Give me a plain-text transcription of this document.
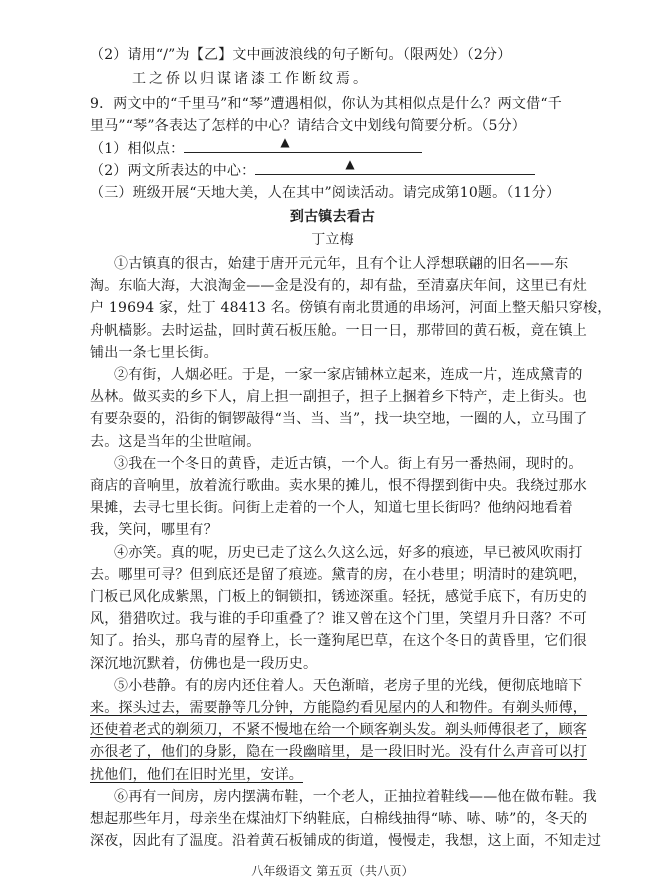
（2）请用“/”为【乙】文中画波浪线的句子断句。（限两处）（2分）
工之侨以归谋诸漆工作断纹焉。
9．两文中的“千里马”和“琴”遭遇相似，你认为其相似点是什么？两文借“千
里马”“琴”各表达了怎样的中心？请结合文中划线句简要分析。（5分）
（1）相似点：	▲
（2）两文所表达的中心：	▲
（三）班级开展“天地大美，人在其中”阅读活动。请完成第10题。（11分）
到古镇去看古
丁立梅
①古镇真的很古，始建于唐开元元年，且有个让人浮想联翩的旧名——东
淘。东临大海，大浪淘金——金是没有的，却有盐，至清嘉庆年间，这里已有灶
户 19694 家，灶丁 48413 名。傍镇有南北贯通的串场河，河面上整天船只穿梭，
舟帆樯影。去时运盐，回时黄石板压舱。一日一日，那带回的黄石板，竟在镇上
铺出一条七里长街。
②有街，人烟必旺。于是，一家一家店铺林立起来，连成一片，连成黛青的
丛林。做买卖的乡下人，肩上担一副担子，担子上捆着乡下特产，走上街头。也
有要杂耍的，沿街的铜锣敲得“当、当、当”，找一块空地，一圈的人，立马围了
去。这是当年的尘世喧闹。
③我在一个冬日的黄昏，走近古镇，一个人。街上有另一番热闹，现时的。
商店的音响里，放着流行歌曲。卖水果的摊儿，恨不得摆到街中央。我绕过那水
果摊，去寻七里长街。问街上走着的一个人，知道七里长街吗？他纳闷地看着
我，笑问，哪里有？
④亦笑。真的呢，历史已走了这么久这么远，好多的痕迹，早已被风吹雨打
去。哪里可寻？但到底还是留了痕迹。黛青的房，在小巷里；明清时的建筑吧，
门板已风化成紫黑，门板上的铜锁扣，锈迹深重。轻抚，感觉手底下，有历史的
风，猎猎吹过。我与谁的手印重叠了？谁又曾在这个门里，笑望月升日落？不可
知了。抬头，那乌青的屋脊上，长一蓬狗尾巴草，在这个冬日的黄昏里，它们很
深沉地沉默着，仿佛也是一段历史。
⑤小巷静。有的房内还住着人。天色渐暗，老房子里的光线，便彻底地暗下
来。探头过去，需要静等几分钟，方能隐约看见屋内的人和物件。有剃头师傅，
还使着老式的剃须刀，不紧不慢地在给一个顾客剃头发。剃头师傅很老了，顾客
亦很老了，他们的身影，隐在一段幽暗里，是一段旧时光。没有什么声音可以打
扰他们，他们在旧时光里，安详。
⑥再有一间房，房内摆满布鞋，一个老人，正抽拉着鞋线——他在做布鞋。我
想起那些年月，母亲坐在煤油灯下纳鞋底，白棉线抽得“哧、哧、哧”的，冬天的
深夜，因此有了温度。沿着黄石板铺成的街道，慢慢走，我想，这上面，不知走过
八年级语文 第五页（共八页）
